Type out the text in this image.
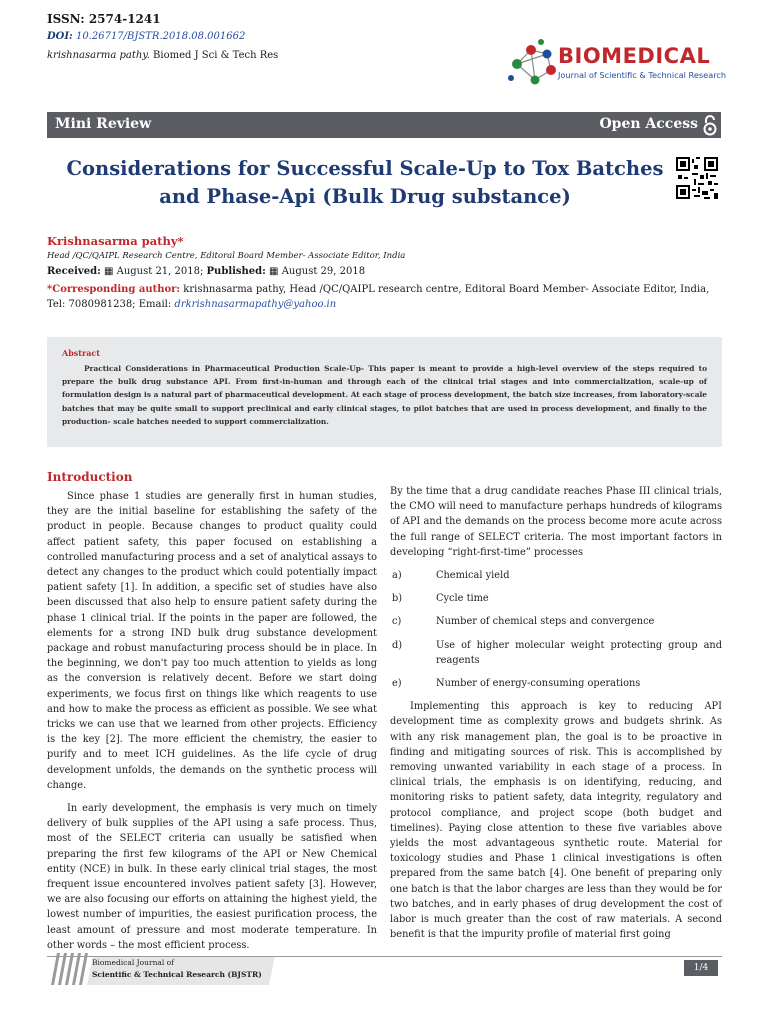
ISSN: 2574-1241
DOI: 10.26717/BJSTR.2018.08.001662
krishnasarma pathy. Biomed J Sci & Tech Res	BIOMEDICAL
Journal of Scientific & Technical Research
Mini Review	Open Access
Considerations for Successful Scale-Up to Tox Batches and Phase-Api (Bulk Drug substance)
Krishnasarma pathy*
Head /QC/QAIPL Research Centre, Editoral Board Member- Associate Editor, India
Received: ▦ August 21, 2018; Published: ▦ August 29, 2018
*Corresponding author: krishnasarma pathy, Head /QC/QAIPL research centre, Editoral Board Member- Associate Editor, India, Tel: 7080981238; Email: drkrishnasarmapathy@yahoo.in
Abstract
Practical Considerations in Pharmaceutical Production Scale-Up- This paper is meant to provide a high-level overview of the steps required to prepare the bulk drug substance API. From first-in-human and through each of the clinical trial stages and into commercialization, scale-up of formulation design is a natural part of pharmaceutical development. At each stage of process development, the batch size increases, from laboratory-scale batches that may be quite small to support preclinical and early clinical stages, to pilot batches that are used in process development, and finally to the production- scale batches needed to support commercialization.
Introduction

Since phase 1 studies are generally first in human studies, they are the initial baseline for establishing the safety of the product in people. Because changes to product quality could affect patient safety, this paper focused on establishing a controlled manufacturing process and a set of analytical assays to detect any changes to the product which could potentially impact patient safety [1]. In addition, a specific set of studies have also been discussed that also help to ensure patient safety during the phase 1 clinical trial. If the points in the paper are followed, the elements for a strong IND bulk drug substance development package and robust manufacturing process should be in place. In the beginning, we don't pay too much attention to yields as long as the conversion is relatively decent. Before we start doing experiments, we focus first on things like which reagents to use and how to make the process as efficient as possible. We see what tricks we can use that we learned from other projects. Efficiency is the key [2]. The more efficient the chemistry, the easier to purify and to meet ICH guidelines. As the life cycle of drug development unfolds, the demands on the synthetic process will change.

In early development, the emphasis is very much on timely delivery of bulk supplies of the API using a safe process. Thus, most of the SELECT criteria can usually be satisfied when preparing the first few kilograms of the API or New Chemical entity (NCE) in bulk. In these early clinical trial stages, the most frequent issue encountered involves patient safety [3]. However, we are also focusing our efforts on attaining the highest yield, the lowest number of impurities, the easiest purification process, the least amount of pressure and most moderate temperature. In other words – the most efficient process.

By the time that a drug candidate reaches Phase III clinical trials, the CMO will need to manufacture perhaps hundreds of kilograms of API and the demands on the process become more acute across the full range of SELECT criteria. The most important factors in developing “right-first-time” processes

a)	Chemical yield
b)	Cycle time
c)	Number of chemical steps and convergence
d)	Use of higher molecular weight protecting group and reagents
e)	Number of energy-consuming operations

Implementing this approach is key to reducing API development time as complexity grows and budgets shrink. As with any risk management plan, the goal is to be proactive in finding and mitigating sources of risk. This is accomplished by removing unwanted variability in each stage of a process. In clinical trials, the emphasis is on identifying, reducing, and monitoring risks to patient safety, data integrity, regulatory and protocol compliance, and project scope (both budget and timelines). Paying close attention to these five variables above yields the most advantageous synthetic route. Material for toxicology studies and Phase 1 clinical investigations is often prepared from the same batch [4]. One benefit of preparing only one batch is that the labor charges are less than they would be for two batches, and in early phases of drug development the cost of labor is much greater than the cost of raw materials. A second benefit is that the impurity profile of material first going

Biomedical Journal of
Scientific & Technical Research (BJSTR)
1/4
